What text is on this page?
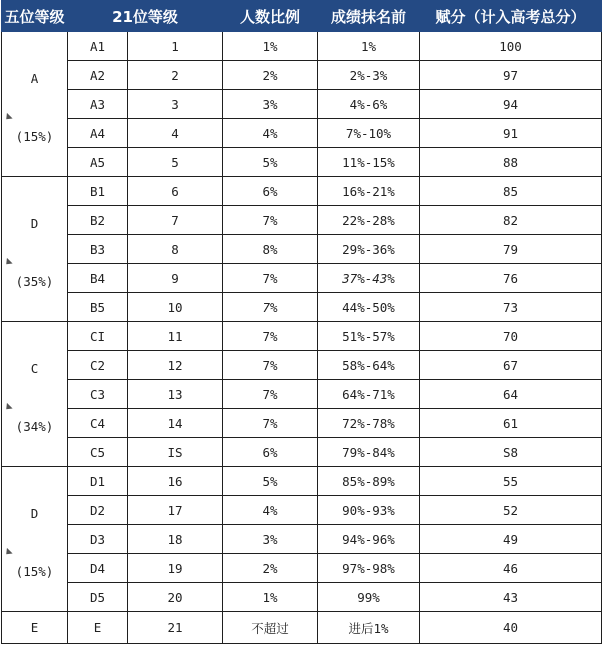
五位等级	21位等级		人数比例	成绩抹名前	赋分（计入高考总分）

A
(15%)	A1	1	1%	1%	100
	A2	2	2%	2%-3%	97
	A3	3	3%	4%-6%	94
	A4	4	4%	7%-10%	91
	A5	5	5%	11%-15%	88

D
(35%)	B1	6	6%	16%-21%	85
	B2	7	7%	22%-28%	82
	B3	8	8%	29%-36%	79
	B4	9	7%	37%-43%	76
	B5	10	7%	44%-50%	73

C
(34%)	CI	11	7%	51%-57%	70
	C2	12	7%	58%-64%	67
	C3	13	7%	64%-71%	64
	C4	14	7%	72%-78%	61
	C5	IS	6%	79%-84%	S8

D
(15%)	D1	16	5%	85%-89%	55
	D2	17	4%	90%-93%	52
	D3	18	3%	94%-96%	49
	D4	19	2%	97%-98%	46
	D5	20	1%	99%	43
E	E	21	不超过	进后1%	40
